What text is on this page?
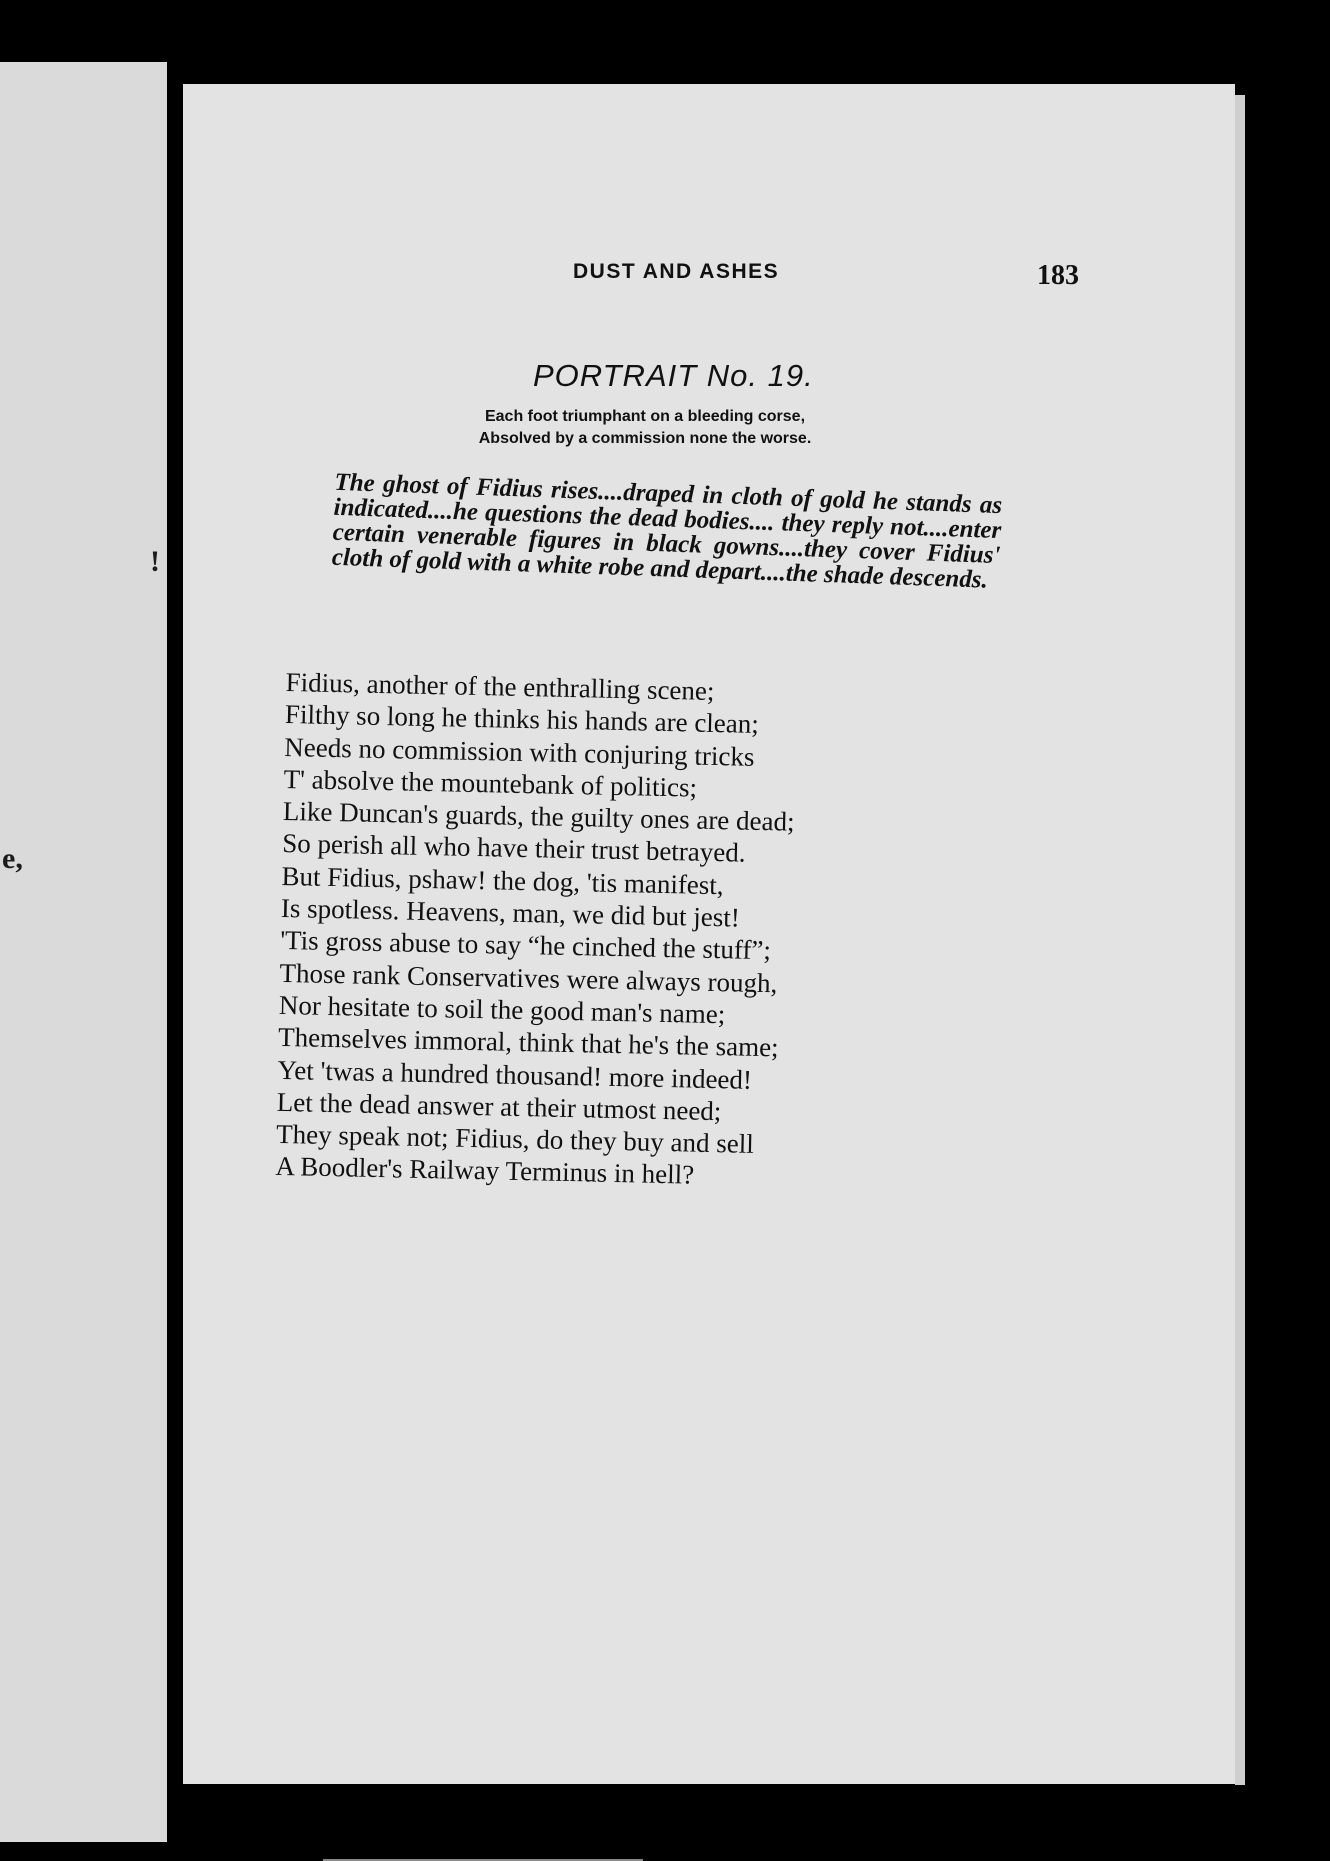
!
e,
DUST AND ASHES	183
PORTRAIT No. 19.
Each foot triumphant on a bleeding corse,
Absolved by a commission none the worse.
The ghost of Fidius rises....draped in cloth of gold he stands as indicated....he questions the dead bodies.... they reply not....enter certain venerable figures in black gowns....they cover Fidius' cloth of gold with a white robe and depart....the shade descends.
Fidius, another of the enthralling scene;
Filthy so long he thinks his hands are clean;
Needs no commission with conjuring tricks
T' absolve the mountebank of politics;
Like Duncan's guards, the guilty ones are dead;
So perish all who have their trust betrayed.
But Fidius, pshaw! the dog, 'tis manifest,
Is spotless. Heavens, man, we did but jest!
'Tis gross abuse to say “he cinched the stuff”;
Those rank Conservatives were always rough,
Nor hesitate to soil the good man's name;
Themselves immoral, think that he's the same;
Yet 'twas a hundred thousand! more indeed!
Let the dead answer at their utmost need;
They speak not; Fidius, do they buy and sell
A Boodler's Railway Terminus in hell?
